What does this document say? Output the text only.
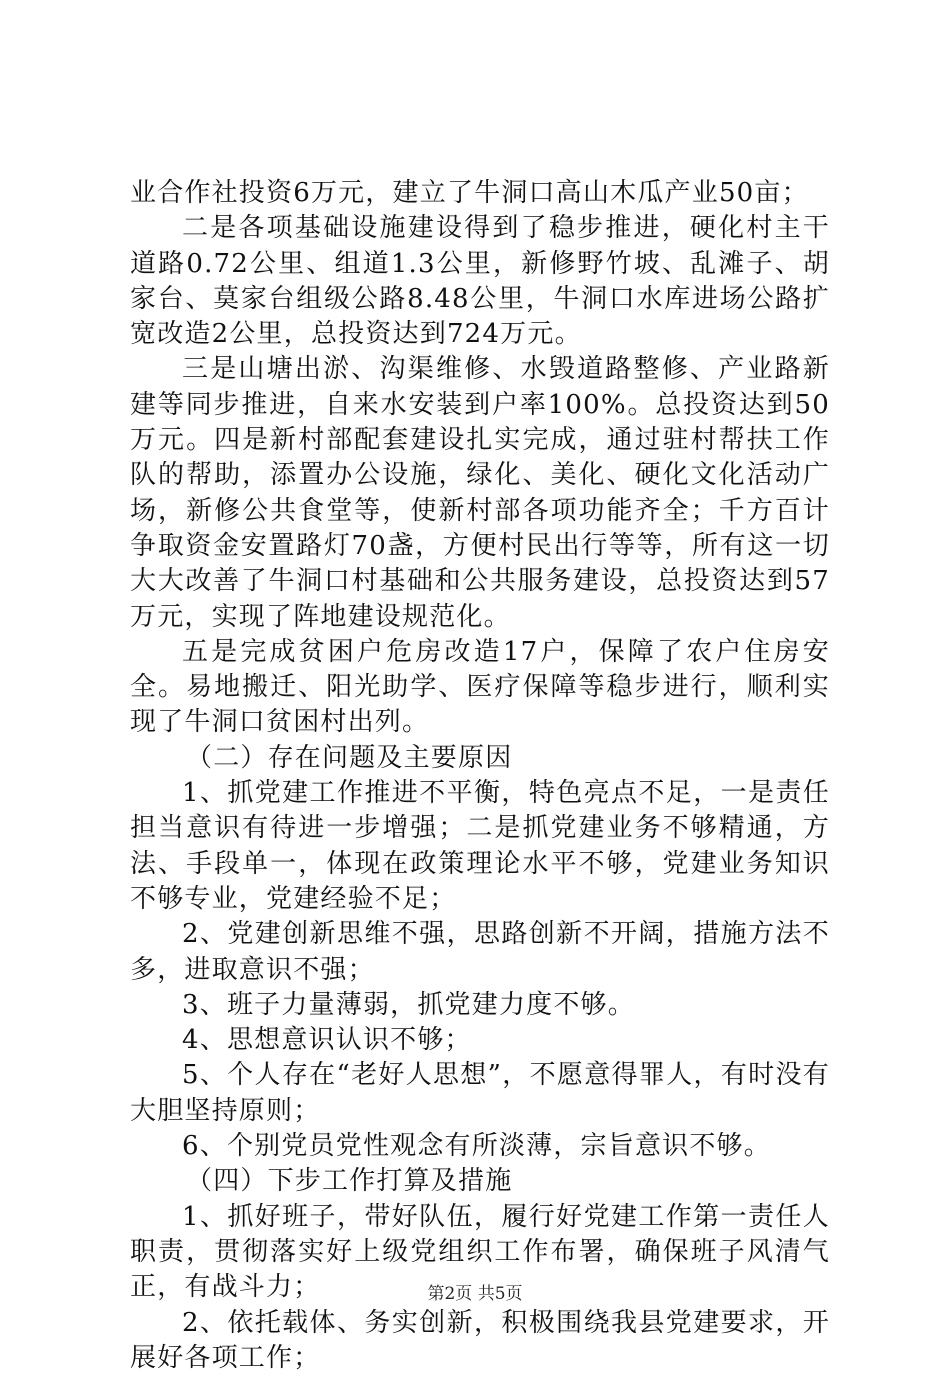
业合作社投资6万元，建立了牛洞口高山木瓜产业50亩；

二是各项基础设施建设得到了稳步推进，硬化村主干道路0.72公里、组道1.3公里，新修野竹坡、乱滩子、胡家台、莫家台组级公路8.48公里，牛洞口水库进场公路扩宽改造2公里，总投资达到724万元。

三是山塘出淤、沟渠维修、水毁道路整修、产业路新建等同步推进，自来水安装到户率100%。总投资达到50万元。四是新村部配套建设扎实完成，通过驻村帮扶工作队的帮助，添置办公设施，绿化、美化、硬化文化活动广场，新修公共食堂等，使新村部各项功能齐全；千方百计争取资金安置路灯70盏，方便村民出行等等，所有这一切大大改善了牛洞口村基础和公共服务建设，总投资达到57万元，实现了阵地建设规范化。

五是完成贫困户危房改造17户，保障了农户住房安全。易地搬迁、阳光助学、医疗保障等稳步进行，顺利实现了牛洞口贫困村出列。

（二）存在问题及主要原因

1、抓党建工作推进不平衡，特色亮点不足，一是责任担当意识有待进一步增强；二是抓党建业务不够精通，方法、手段单一，体现在政策理论水平不够，党建业务知识不够专业，党建经验不足；

2、党建创新思维不强，思路创新不开阔，措施方法不多，进取意识不强；

3、班子力量薄弱，抓党建力度不够。

4、思想意识认识不够；

5、个人存在“老好人思想”，不愿意得罪人，有时没有大胆坚持原则；

6、个别党员党性观念有所淡薄，宗旨意识不够。

（四）下步工作打算及措施

1、抓好班子，带好队伍，履行好党建工作第一责任人职责，贯彻落实好上级党组织工作布署，确保班子风清气正，有战斗力；

2、依托载体、务实创新，积极围绕我县党建要求，开展好各项工作；

第2页 共5页
